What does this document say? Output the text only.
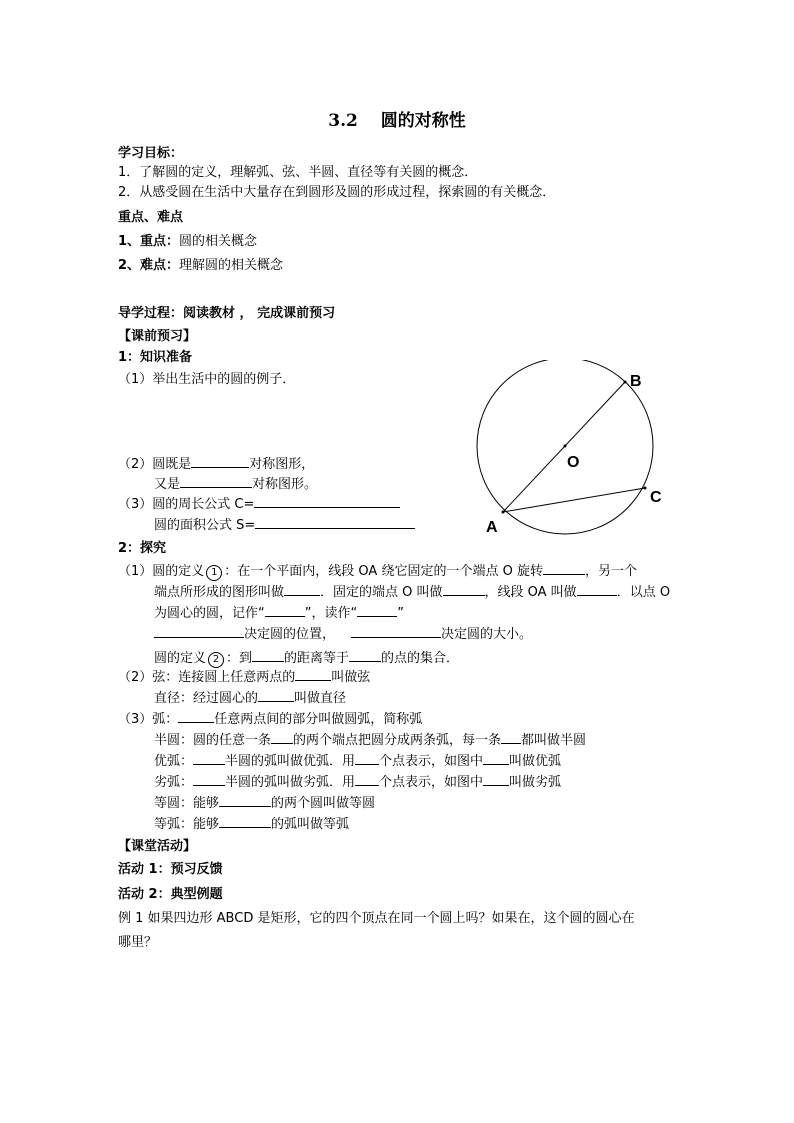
3.2　 圆的对称性
学习目标：
1．了解圆的定义，理解弧、弦、半圆、直径等有关圆的概念．
2．从感受圆在生活中大量存在到圆形及圆的形成过程，探索圆的有关概念．
重点、难点
1、重点：圆的相关概念
2、难点：理解圆的相关概念
导学过程：阅读教材 ， 完成课前预习
【课前预习】
1：知识准备
（1）举出生活中的圆的例子．
（2）圆既是	对称图形，
又是	对称图形。
（3）圆的周长公式 C=
圆的面积公式 S=
2：探究
（1）圆的定义 1 ：在一个平面内，线段 OA 绕它固定的一个端点 O 旋转	，另一个
端点所形成的图形叫做	．固定的端点 O 叫做	，线段 OA 叫做	．以点 O
为圆心的圆，记作“	”，读作“	”
决定圆的位置，	决定圆的大小。
圆的定义 2 ：到 的距离等于 的点的集合．
（2）弦：连接圆上任意两点的	叫做弦
直径：经过圆心的	叫做直径
（3）弧：	任意两点间的部分叫做圆弧，简称弧
半圆：圆的任意一条 的两个端点把圆分成两条弧，每一条 都叫做半圆
优弧： 半圆的弧叫做优弧．用 个点表示，如图中 叫做优弧
劣弧： 半圆的弧叫做劣弧．用 个点表示，如图中 叫做劣弧
等圆：能够	的两个圆叫做等圆
等弧：能够	的弧叫做等弧
【课堂活动】
活动 1：预习反馈
活动 2：典型例题
例 1 如果四边形 ABCD 是矩形，它的四个顶点在同一个圆上吗？如果在，这个圆的圆心在
哪里？
B
O
C
A
